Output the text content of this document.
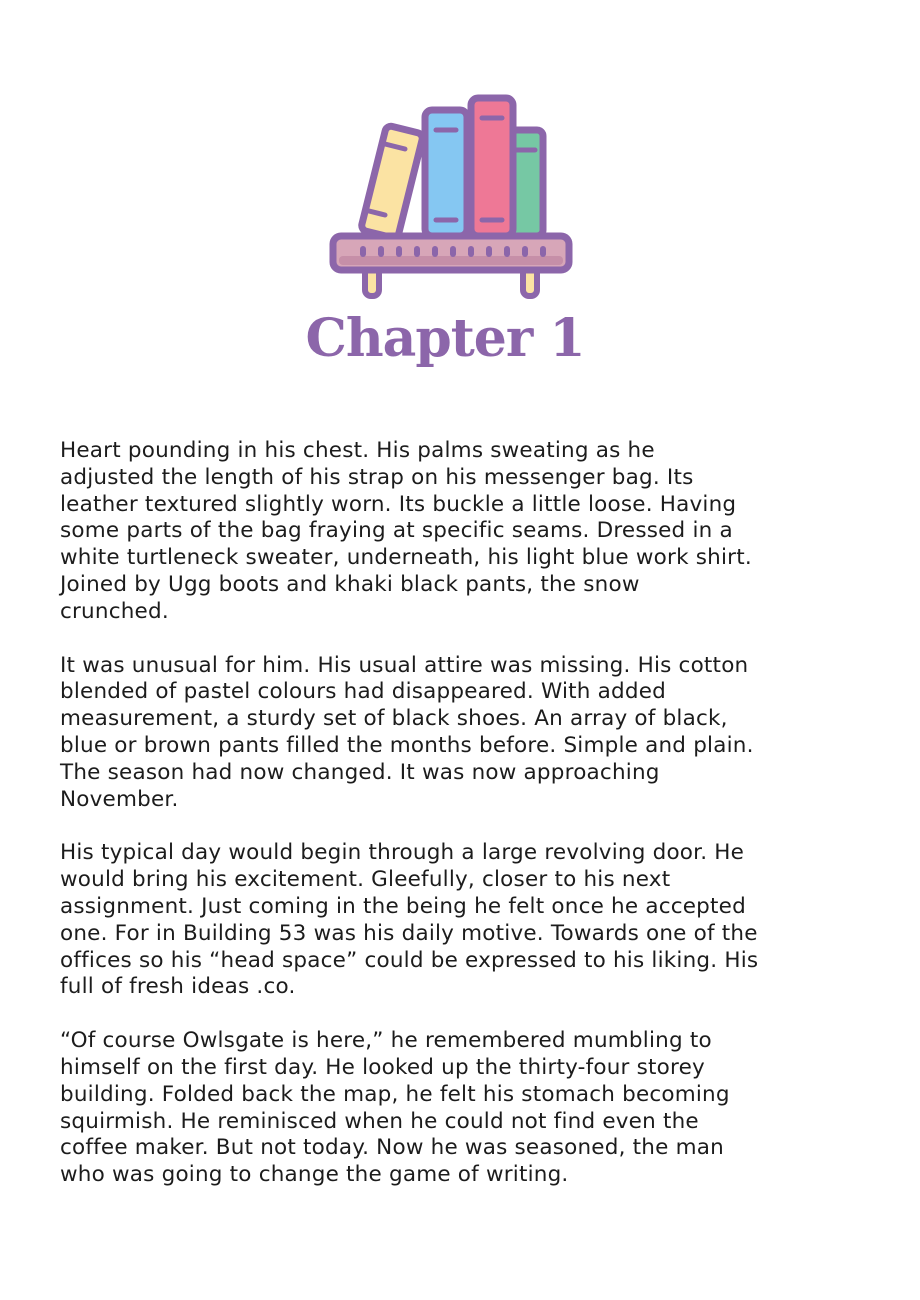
Chapter 1

Heart pounding in his chest. His palms sweating as he
adjusted the length of his strap on his messenger bag. Its
leather textured slightly worn. Its buckle a little loose. Having
some parts of the bag fraying at specific seams. Dressed in a
white turtleneck sweater, underneath, his light blue work shirt.
Joined by Ugg boots and khaki black pants, the snow
crunched.

It was unusual for him. His usual attire was missing. His cotton
blended of pastel colours had disappeared. With added
measurement, a sturdy set of black shoes. An array of black,
blue or brown pants filled the months before. Simple and plain.
The season had now changed. It was now approaching
November.

His typical day would begin through a large revolving door. He
would bring his excitement. Gleefully, closer to his next
assignment. Just coming in the being he felt once he accepted
one. For in Building 53 was his daily motive. Towards one of the
offices so his “head space” could be expressed to his liking. His
full of fresh ideas .co.

“Of course Owlsgate is here,” he remembered mumbling to
himself on the first day. He looked up the thirty-four storey
building. Folded back the map, he felt his stomach becoming
squirmish. He reminisced when he could not find even the
coffee maker. But not today. Now he was seasoned, the man
who was going to change the game of writing.
